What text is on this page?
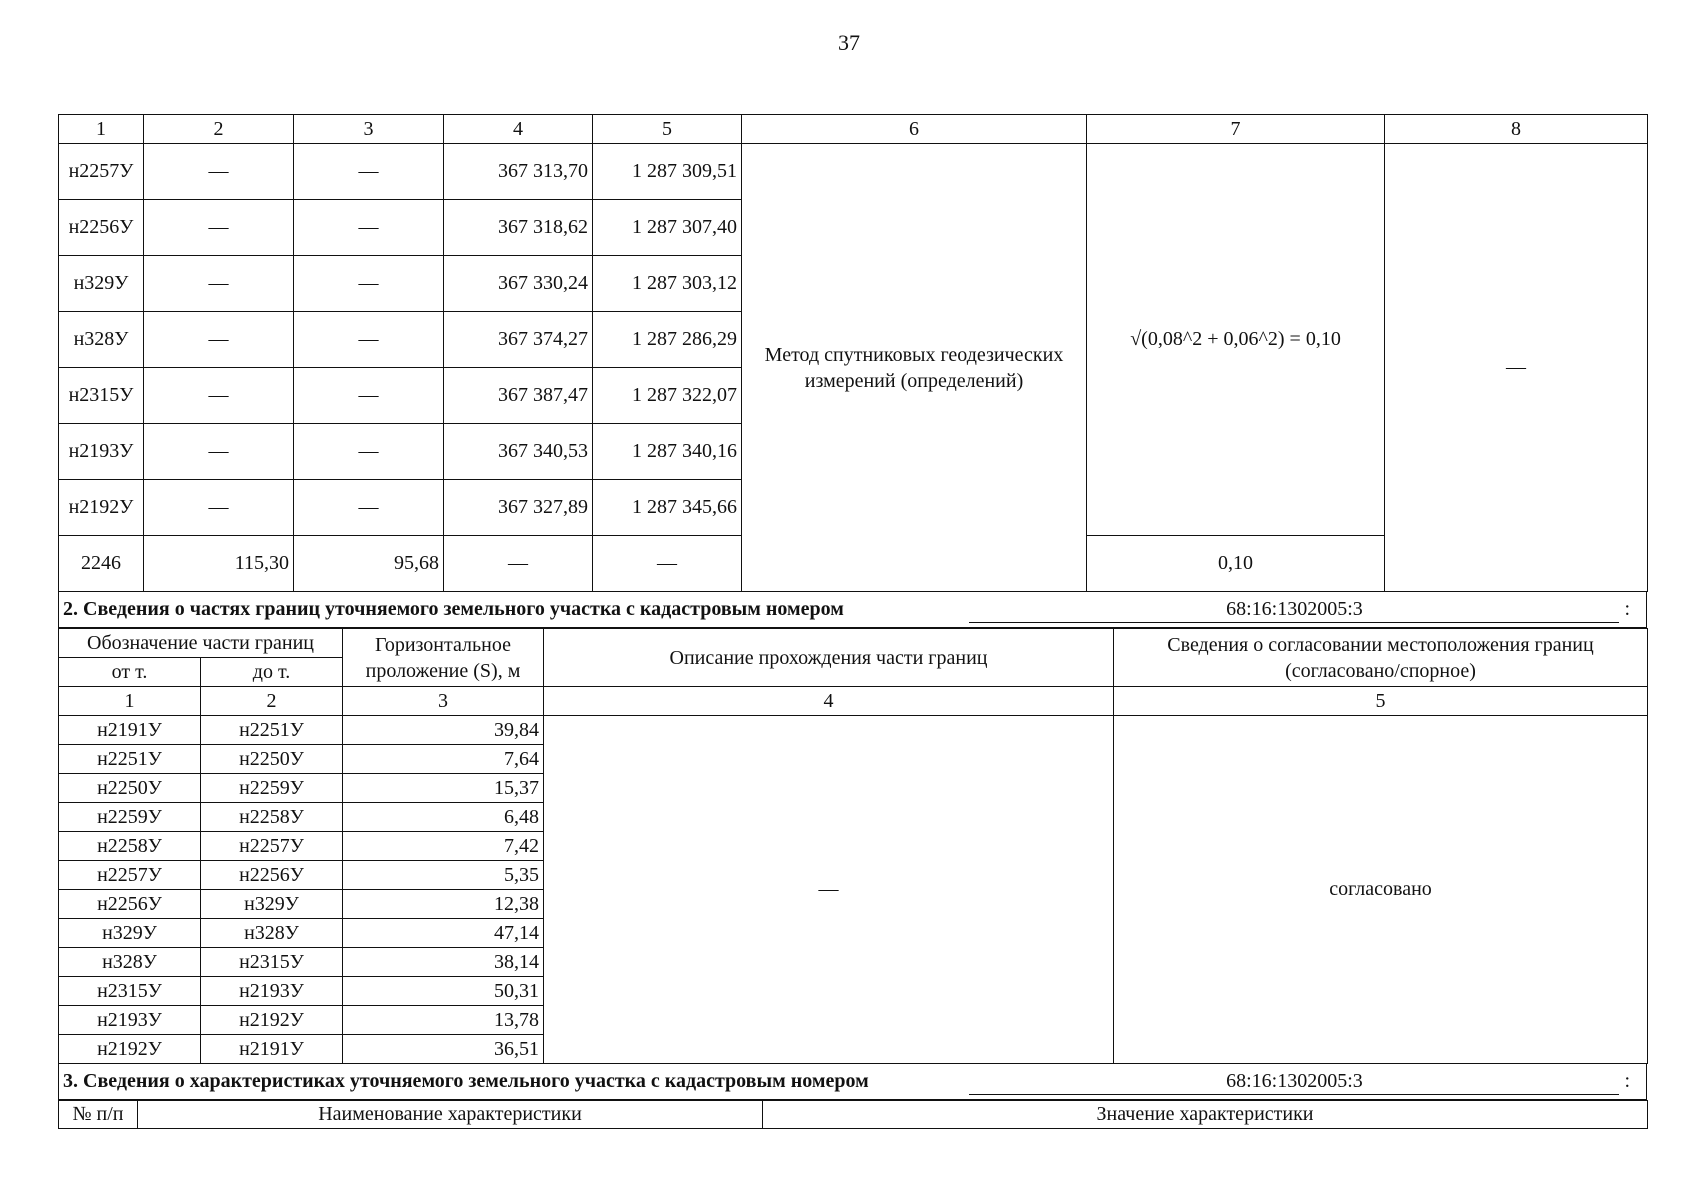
37
1	2	3	4	5	6	7	8
н2257У	—	—	367 313,70	1 287 309,51	Метод спутниковых геодезических измерений (определений)	√(0,08^2 + 0,06^2) = 0,10	—
н2256У	—	—	367 318,62	1 287 307,40			
н329У	—	—	367 330,24	1 287 303,12			
н328У	—	—	367 374,27	1 287 286,29			
н2315У	—	—	367 387,47	1 287 322,07			
н2193У	—	—	367 340,53	1 287 340,16			
н2192У	—	—	367 327,89	1 287 345,66			
2246	115,30	95,68	—	—		0,10	
2. Сведения о частях границ уточняемого земельного участка с кадастровым номером	68:16:1302005:3	:
Обозначение части границ		Горизонтальное проложение (S), м	Описание прохождения части границ	Сведения о согласовании местоположения границ (согласовано/спорное)
от т.	до т.			
1	2	3	4	5
н2191У	н2251У	39,84	—	согласовано
н2251У	н2250У	7,64		
н2250У	н2259У	15,37		
н2259У	н2258У	6,48		
н2258У	н2257У	7,42		
н2257У	н2256У	5,35		
н2256У	н329У	12,38		
н329У	н328У	47,14		
н328У	н2315У	38,14		
н2315У	н2193У	50,31		
н2193У	н2192У	13,78		
н2192У	н2191У	36,51		
3. Сведения о характеристиках уточняемого земельного участка с кадастровым номером	68:16:1302005:3	:
№ п/п	Наименование характеристики	Значение характеристики
